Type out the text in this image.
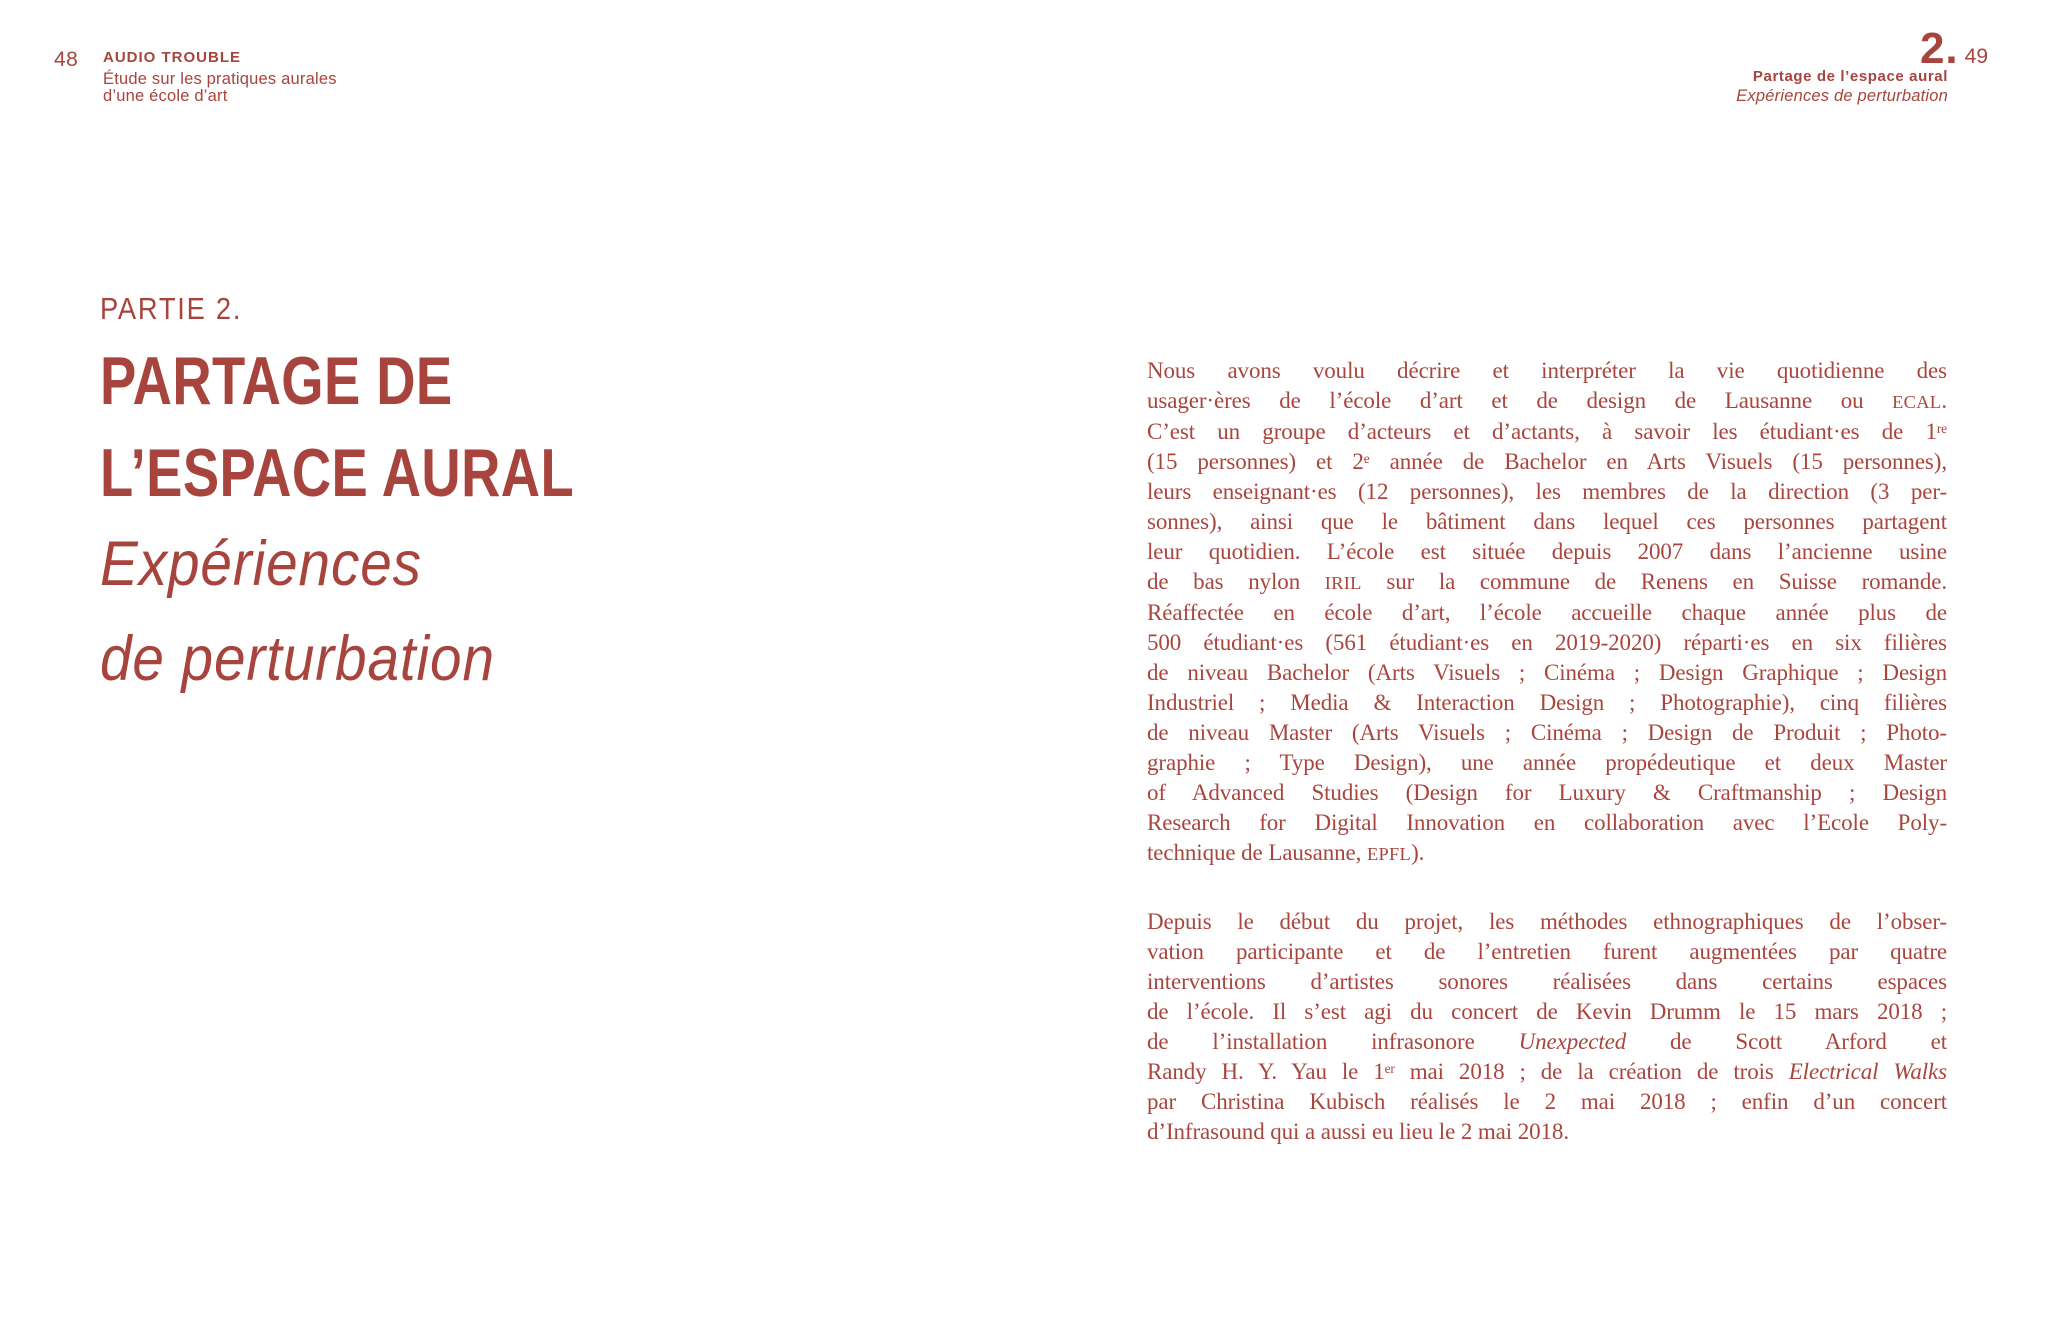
48 AUDIO TROUBLE
Étude sur les pratiques aurales
d’une école d’art
2. 49
Partage de l’espace aural
Expériences de perturbation
PARTIE 2.
PARTAGE DE
L’ESPACE AURAL
Expériences
de perturbation
Nous avons voulu décrire et interpréter la vie quotidienne des
usager·ères de l’école d’art et de design de Lausanne ou ECAL.
C’est un groupe d’acteurs et d’actants, à savoir les étudiant·es de 1re
(15 personnes) et 2e année de Bachelor en Arts Visuels (15 personnes),
leurs enseignant·es (12 personnes), les membres de la direction (3 per-
sonnes), ainsi que le bâtiment dans lequel ces personnes partagent
leur quotidien. L’école est située depuis 2007 dans l’ancienne usine
de bas nylon IRIL sur la commune de Renens en Suisse romande.
Réaffectée en école d’art, l’école accueille chaque année plus de
500 étudiant·es (561 étudiant·es en 2019-2020) réparti·es en six filières
de niveau Bachelor (Arts Visuels ; Cinéma ; Design Graphique ; Design
Industriel ; Media & Interaction Design ; Photographie), cinq filières
de niveau Master (Arts Visuels ; Cinéma ; Design de Produit ; Photo-
graphie ; Type Design), une année propédeutique et deux Master
of Advanced Studies (Design for Luxury & Craftmanship ; Design
Research for Digital Innovation en collaboration avec l’Ecole Poly-
technique de Lausanne, EPFL).
Depuis le début du projet, les méthodes ethnographiques de l’obser-
vation participante et de l’entretien furent augmentées par quatre
interventions d’artistes sonores réalisées dans certains espaces
de l’école. Il s’est agi du concert de Kevin Drumm le 15 mars 2018 ;
de l’installation infrasonore Unexpected de Scott Arford et
Randy H. Y. Yau le 1er mai 2018 ; de la création de trois Electrical Walks
par Christina Kubisch réalisés le 2 mai 2018 ; enfin d’un concert
d’Infrasound qui a aussi eu lieu le 2 mai 2018.
